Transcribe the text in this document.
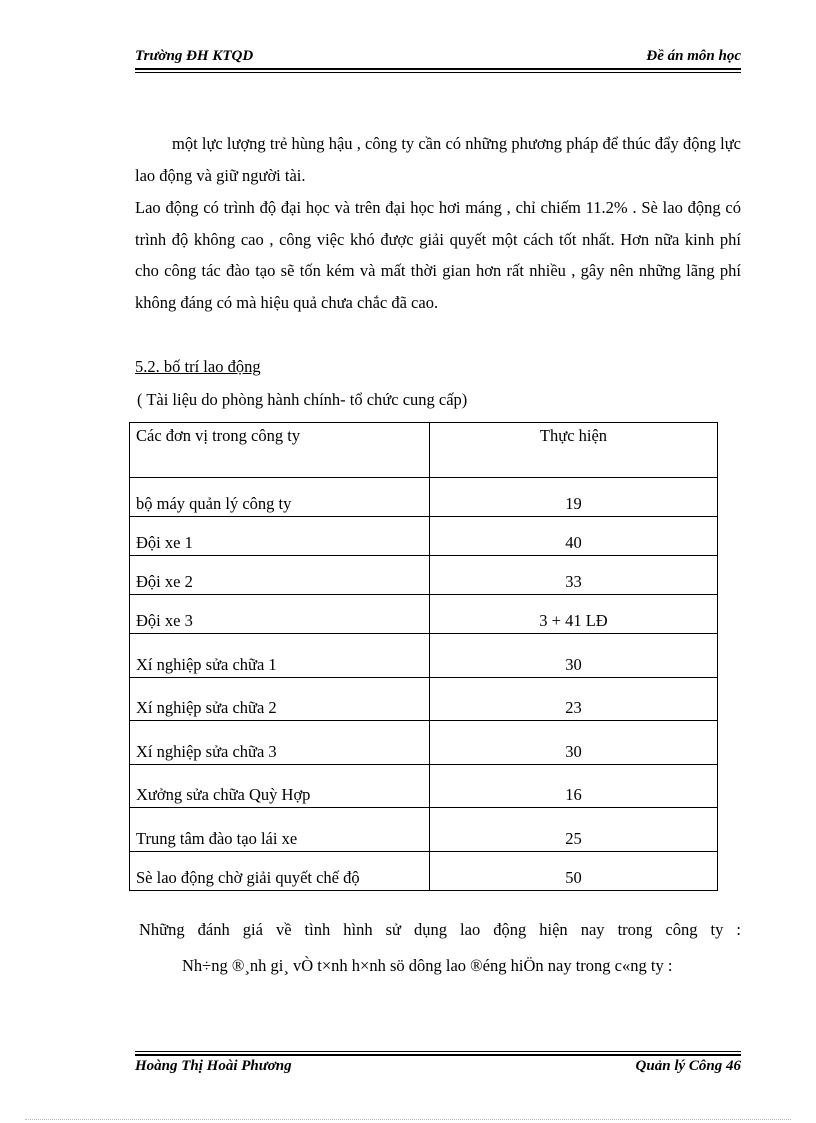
Trường ĐH KTQD	Đề án môn học
một lực lượng trẻ hùng hậu , công ty cần có những phương pháp để thúc đẩy động lực lao động và giữ người tài.
Lao động có trình độ đại học và trên đại học hơi máng , chỉ chiếm 11.2% . Sè lao động có trình độ không cao , công việc khó được giải quyết một cách tốt nhất. Hơn nữa kinh phí cho công tác đào tạo sẽ tốn kém và mất thời gian hơn rất nhiều , gây nên những lãng phí không đáng có mà hiệu quả chưa chắc đã cao.
5.2. bố trí lao động
( Tài liệu do phòng hành chính- tổ chức cung cấp)
Các đơn vị trong công ty	Thực hiện
bộ máy quản lý công ty	19
Đội xe 1	40
Đội xe 2	33
Đội xe 3	3 + 41 LĐ
Xí nghiệp sửa chữa 1	30
Xí nghiệp sửa chữa 2	23
Xí nghiệp sửa chữa 3	30
Xưởng sửa chữa Quỳ Hợp	16
Trung tâm đào tạo lái xe	25
Sè lao động chờ giải quyết chế độ	50
Những đánh giá về tình hình sử dụng lao động hiện nay trong công ty :
Nh÷ng ®¸nh gi¸ vÒ t×nh h×nh sö dông lao ®éng hiÖn nay trong c«ng ty :
Hoàng Thị Hoài Phương	Quản lý Công 46
